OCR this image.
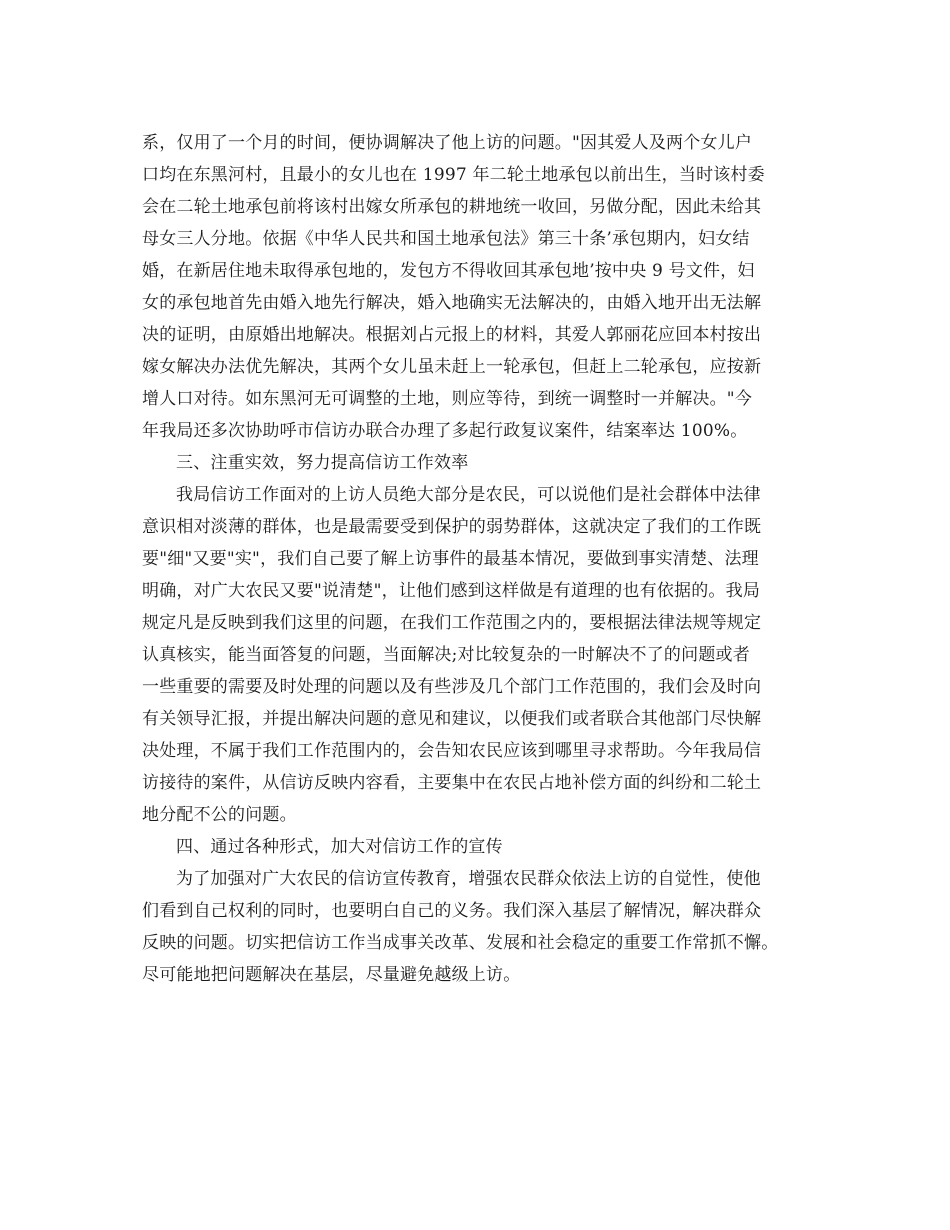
系，仅用了一个月的时间，便协调解决了他上访的问题。"因其爱人及两个女儿户
口均在东黑河村，且最小的女儿也在 1997 年二轮土地承包以前出生，当时该村委
会在二轮土地承包前将该村出嫁女所承包的耕地统一收回，另做分配，因此未给其
母女三人分地。依据《中华人民共和国土地承包法》第三十条’承包期内，妇女结
婚，在新居住地未取得承包地的，发包方不得收回其承包地’按中央 9 号文件，妇
女的承包地首先由婚入地先行解决，婚入地确实无法解决的，由婚入地开出无法解
决的证明，由原婚出地解决。根据刘占元报上的材料，其爱人郭丽花应回本村按出
嫁女解决办法优先解决，其两个女儿虽未赶上一轮承包，但赶上二轮承包，应按新
增人口对待。如东黑河无可调整的土地，则应等待，到统一调整时一并解决。"今
年我局还多次协助呼市信访办联合办理了多起行政复议案件，结案率达 100%。
三、注重实效，努力提高信访工作效率
我局信访工作面对的上访人员绝大部分是农民，可以说他们是社会群体中法律
意识相对淡薄的群体，也是最需要受到保护的弱势群体，这就决定了我们的工作既
要"细"又要"实"，我们自己要了解上访事件的最基本情况，要做到事实清楚、法理
明确，对广大农民又要"说清楚"，让他们感到这样做是有道理的也有依据的。我局
规定凡是反映到我们这里的问题，在我们工作范围之内的，要根据法律法规等规定
认真核实，能当面答复的问题，当面解决;对比较复杂的一时解决不了的问题或者
一些重要的需要及时处理的问题以及有些涉及几个部门工作范围的，我们会及时向
有关领导汇报，并提出解决问题的意见和建议，以便我们或者联合其他部门尽快解
决处理，不属于我们工作范围内的，会告知农民应该到哪里寻求帮助。今年我局信
访接待的案件，从信访反映内容看，主要集中在农民占地补偿方面的纠纷和二轮土
地分配不公的问题。
四、通过各种形式，加大对信访工作的宣传
为了加强对广大农民的信访宣传教育，增强农民群众依法上访的自觉性，使他
们看到自己权利的同时，也要明白自己的义务。我们深入基层了解情况，解决群众
反映的问题。切实把信访工作当成事关改革、发展和社会稳定的重要工作常抓不懈。
尽可能地把问题解决在基层，尽量避免越级上访。
